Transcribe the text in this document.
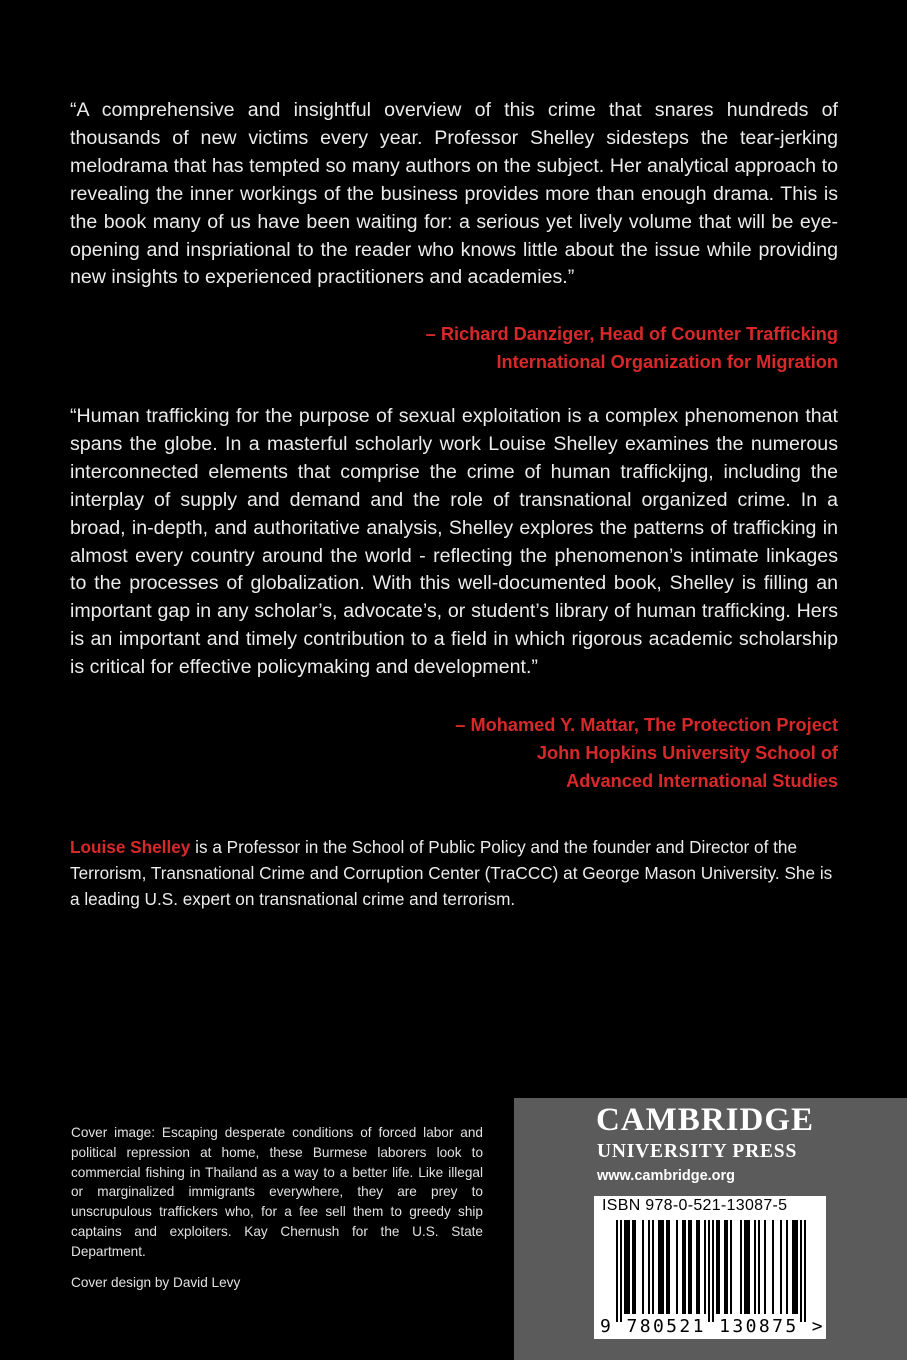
“A comprehensive and insightful overview of this crime that snares hundreds of thousands of new victims every year. Professor Shelley sidesteps the tear-jerking melodrama that has tempted so many authors on the subject. Her analytical approach to revealing the inner workings of the business provides more than enough drama. This is the book many of us have been waiting for: a serious yet lively volume that will be eye-opening and inspriational to the reader who knows little about the issue while providing new insights to experienced practitioners and academies.”

– Richard Danziger, Head of Counter Trafficking
International Organization for Migration

“Human trafficking for the purpose of sexual exploitation is a complex phenomenon that spans the globe. In a masterful scholarly work Louise Shelley examines the numerous interconnected elements that comprise the crime of human traffickijng, including the interplay of supply and demand and the role of transnational organized crime. In a broad, in-depth, and authoritative analysis, Shelley explores the patterns of trafficking in almost every country around the world - reflecting the phenomenon’s intimate linkages to the processes of globalization. With this well-documented book, Shelley is filling an important gap in any scholar’s, advocate’s, or student’s library of human trafficking. Hers is an important and timely contribution to a field in which rigorous academic scholarship is critical for effective policymaking and development.”

– Mohamed Y. Mattar, The Protection Project
John Hopkins University School of
Advanced International Studies

Louise Shelley is a Professor in the School of Public Policy and the founder and Director of the Terrorism, Transnational Crime and Corruption Center (TraCCC) at George Mason University. She is a leading U.S. expert on transnational crime and terrorism.

Cover image: Escaping desperate conditions of forced labor and political repression at home, these Burmese laborers look to commercial fishing in Thailand as a way to a better life. Like illegal or marginalized immigrants everywhere, they are prey to unscrupulous traffickers who, for a fee sell them to greedy ship captains and exploiters. Kay Chernush for the U.S. State Department.

Cover design by David Levy

CAMBRIDGE
UNIVERSITY PRESS
www.cambridge.org
ISBN 978-0-521-13087-5
9 780521 130875 >
